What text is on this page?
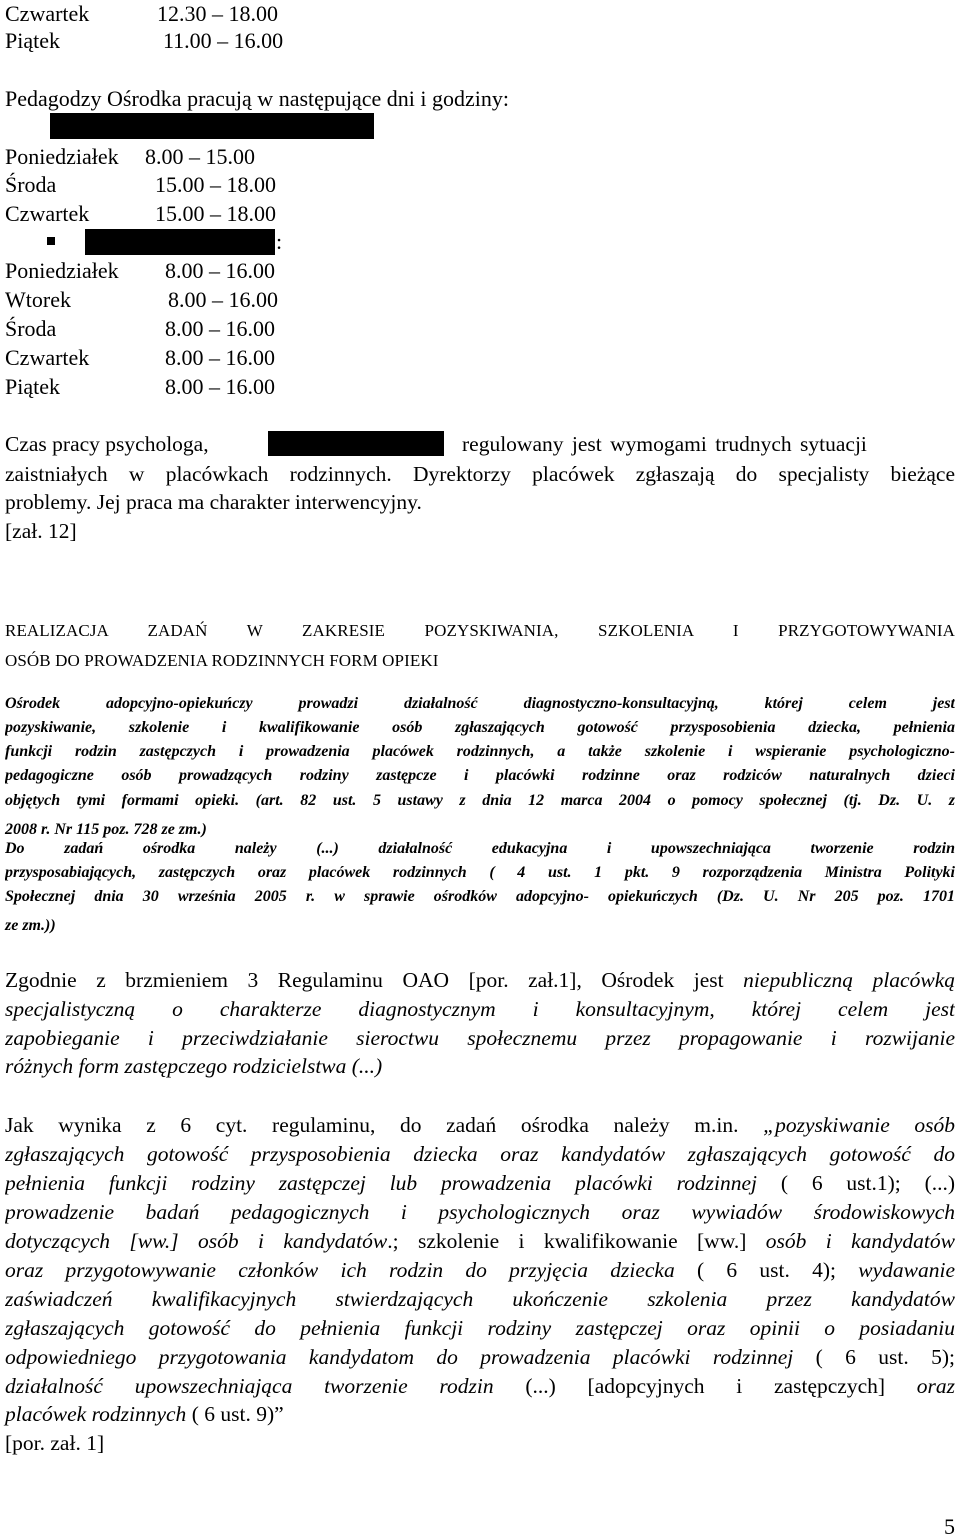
Czwartek	12.30 – 18.00
Piątek	11.00 – 16.00
Pedagodzy Ośrodka pracują w następujące dni i godziny:
Poniedziałek 8.00 – 15.00
Środa	15.00 – 18.00
Czwartek	15.00 – 18.00
:
Poniedziałek 8.00 – 16.00
Wtorek	8.00 – 16.00
Środa	8.00 – 16.00
Czwartek	8.00 – 16.00
Piątek	8.00 – 16.00
Czas pracy psychologa,	regulowany jest wymogami trudnych sytuacji
zaistniałych w placówkach rodzinnych. Dyrektorzy placówek zgłaszają do specjalisty bieżące
problemy. Jej praca ma charakter interwencyjny.
[zał. 12]
REALIZACJA ZADAŃ W ZAKRESIE POZYSKIWANIA, SZKOLENIA I PRZYGOTOWYWANIA
OSÓB DO PROWADZENIA RODZINNYCH FORM OPIEKI
Ośrodek adopcyjno-opiekuńczy prowadzi działalność diagnostyczno-konsultacyjną, której celem jest
pozyskiwanie, szkolenie i kwalifikowanie osób zgłaszających gotowość przysposobienia dziecka, pełnienia
funkcji rodzin zastępczych i prowadzenia placówek rodzinnych, a także szkolenie i wspieranie psychologiczno-
pedagogiczne osób prowadzących rodziny zastępcze i placówki rodzinne oraz rodziców naturalnych dzieci
objętych tymi formami opieki. (art. 82 ust. 5 ustawy z dnia 12 marca 2004 o pomocy społecznej (tj. Dz. U. z
2008 r. Nr 115 poz. 728 ze zm.)
Do zadań ośrodka należy (...) działalność edukacyjna i upowszechniająca tworzenie rodzin
przysposabiających, zastępczych oraz placówek rodzinnych ( 4 ust. 1 pkt. 9 rozporządzenia Ministra Polityki
Społecznej dnia 30 września 2005 r. w sprawie ośrodków adopcyjno- opiekuńczych (Dz. U. Nr 205 poz. 1701
ze zm.))
Zgodnie z brzmieniem 3 Regulaminu OAO [por. zał.1], Ośrodek jest niepubliczną placówką
specjalistyczną o charakterze diagnostycznym i konsultacyjnym, której celem jest
zapobieganie i przeciwdziałanie sieroctwu społecznemu przez propagowanie i rozwijanie
różnych form zastępczego rodzicielstwa (...)
Jak wynika z 6 cyt. regulaminu, do zadań ośrodka należy m.in. „pozyskiwanie osób
zgłaszających gotowość przysposobienia dziecka oraz kandydatów zgłaszających gotowość do
pełnienia funkcji rodziny zastępczej lub prowadzenia placówki rodzinnej ( 6 ust.1); (...)
prowadzenie badań pedagogicznych i psychologicznych oraz wywiadów środowiskowych
dotyczących [ww.] osób i kandydatów.; szkolenie i kwalifikowanie [ww.] osób i kandydatów
oraz przygotowywanie członków ich rodzin do przyjęcia dziecka ( 6 ust. 4); wydawanie
zaświadczeń kwalifikacyjnych stwierdzających ukończenie szkolenia przez kandydatów
zgłaszających gotowość do pełnienia funkcji rodziny zastępczej oraz opinii o posiadaniu
odpowiedniego przygotowania kandydatom do prowadzenia placówki rodzinnej ( 6 ust. 5);
działalność upowszechniająca tworzenie rodzin (...) [adopcyjnych i zastępczych] oraz
placówek rodzinnych ( 6 ust. 9)”
[por. zał. 1]
5
